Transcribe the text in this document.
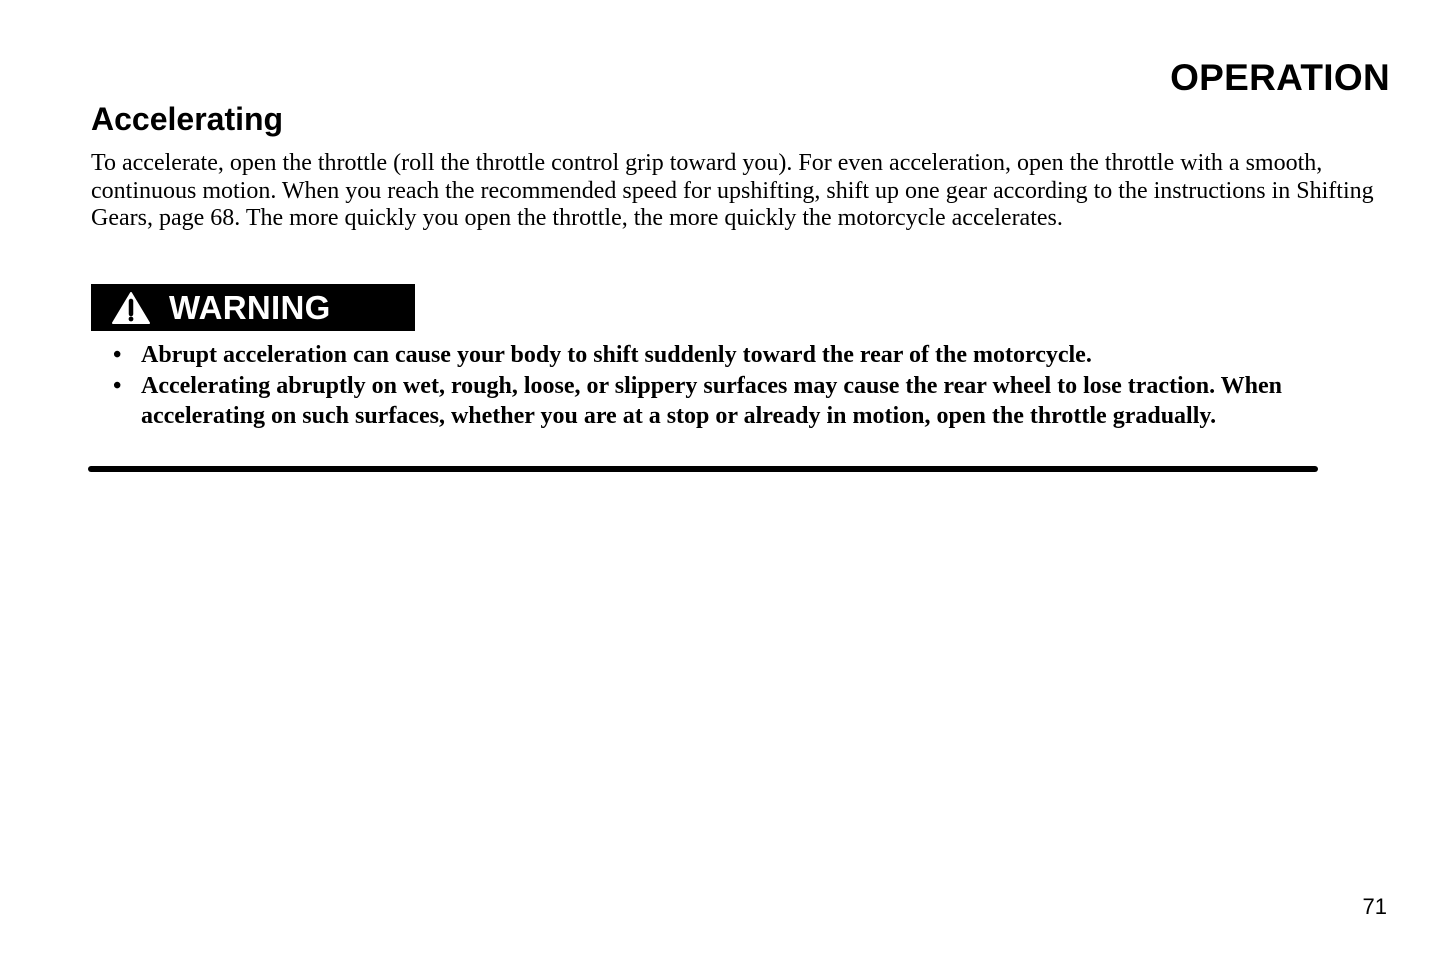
OPERATION
Accelerating

To accelerate, open the throttle (roll the throttle control grip toward you). For even acceleration, open the throttle with a smooth, continuous motion. When you reach the recommended speed for upshifting, shift up one gear according to the instructions in Shifting Gears, page 68. The more quickly you open the throttle, the more quickly the motorcycle accelerates.

WARNING
• Abrupt acceleration can cause your body to shift suddenly toward the rear of the motorcycle.
• Accelerating abruptly on wet, rough, loose, or slippery surfaces may cause the rear wheel to lose traction. When accelerating on such surfaces, whether you are at a stop or already in motion, open the throttle gradually.

71
